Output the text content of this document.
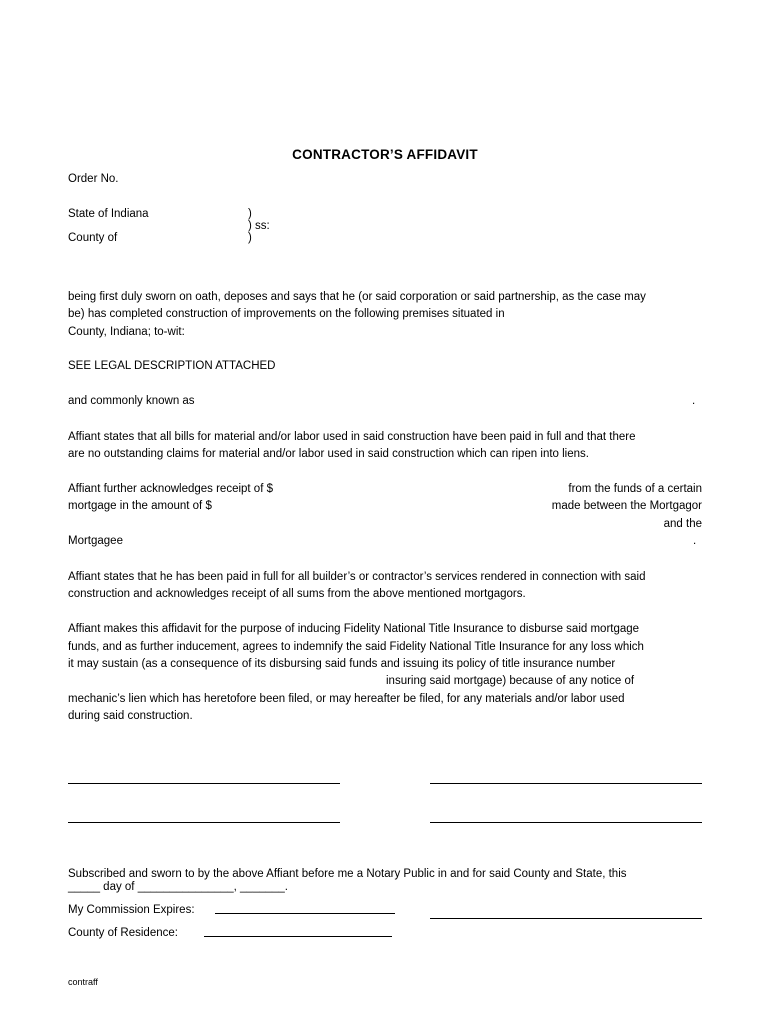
CONTRACTOR’S AFFIDAVIT
Order No.
State of Indiana
County of
)
) ss:
)
being first duly sworn on oath, deposes and says that he (or said corporation or said partnership, as the case may
be) has completed construction of improvements on the following premises situated in
County, Indiana; to-wit:
SEE LEGAL DESCRIPTION ATTACHED
and commonly known as	.
Affiant states that all bills for material and/or labor used in said construction have been paid in full and that there
are no outstanding claims for material and/or labor used in said construction which can ripen into liens.
Affiant further acknowledges receipt of $	from the funds of a certain
mortgage in the amount of $	made between the Mortgagor
and the
Mortgagee	.
Affiant states that he has been paid in full for all builder’s or contractor’s services rendered in connection with said
construction and acknowledges receipt of all sums from the above mentioned mortgagors.
Affiant makes this affidavit for the purpose of inducing Fidelity National Title Insurance to disburse said mortgage
funds, and as further inducement, agrees to indemnify the said Fidelity National Title Insurance for any loss which
it may sustain (as a consequence of its disbursing said funds and issuing its policy of title insurance number
insuring said mortgage) because of any notice of
mechanic’s lien which has heretofore been filed, or may hereafter be filed, for any materials and/or labor used
during said construction.
Subscribed and sworn to by the above Affiant before me a Notary Public in and for said County and State, this
_____ day of _______________, _______.
My Commission Expires:
County of Residence:
contraff
